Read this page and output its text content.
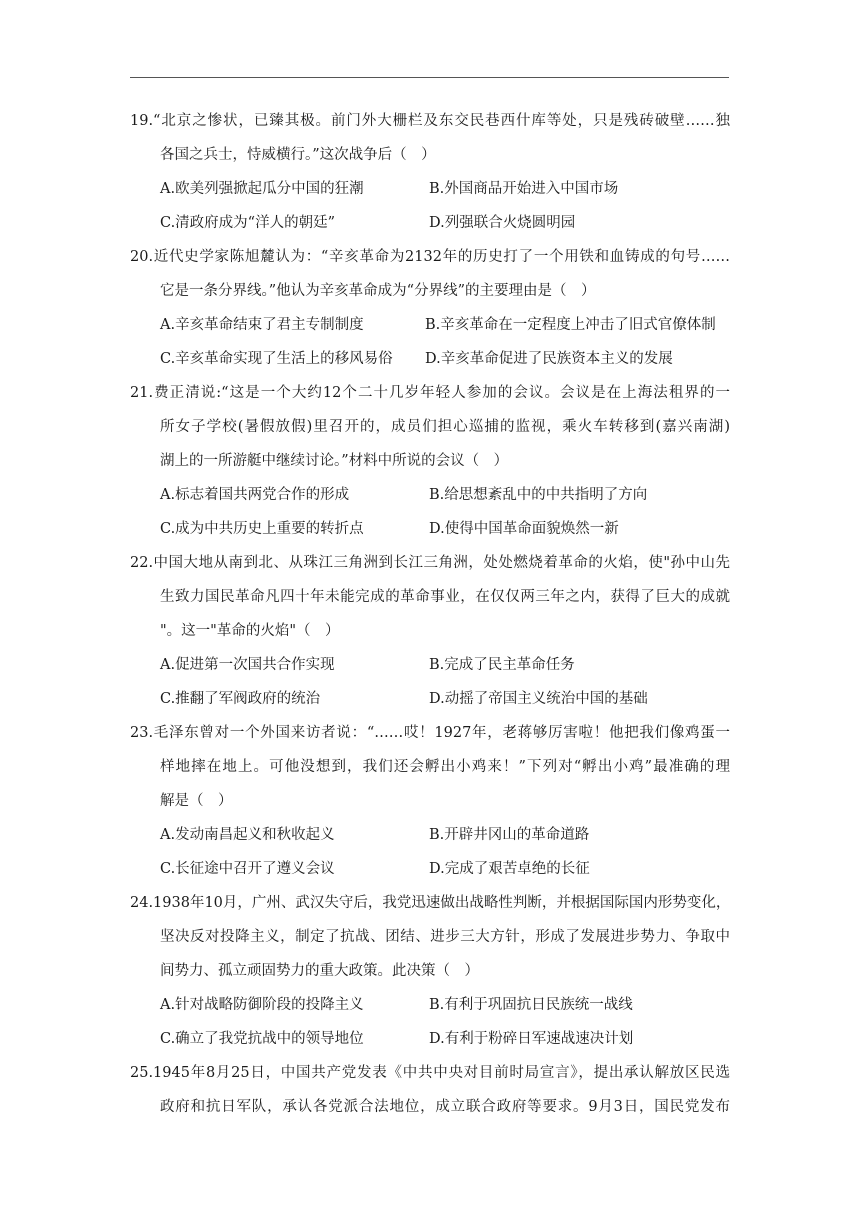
19.“北京之惨状，已臻其极。前门外大栅栏及东交民巷西什库等处，只是残砖破壁……独
各国之兵士，恃威横行。”这次战争后（　）
A.欧美列强掀起瓜分中国的狂潮	B.外国商品开始进入中国市场
C.清政府成为“洋人的朝廷”	D.列强联合火烧圆明园
20.近代史学家陈旭麓认为：“辛亥革命为2132年的历史打了一个用铁和血铸成的句号……
它是一条分界线。”他认为辛亥革命成为“分界线”的主要理由是（　）
A.辛亥革命结束了君主专制制度	B.辛亥革命在一定程度上冲击了旧式官僚体制
C.辛亥革命实现了生活上的移风易俗 D.辛亥革命促进了民族资本主义的发展
21.费正清说:“这是一个大约12个二十几岁年轻人参加的会议。会议是在上海法租界的一
所女子学校(暑假放假)里召开的，成员们担心巡捕的监视，乘火车转移到(嘉兴南湖)
湖上的一所游艇中继续讨论。”材料中所说的会议（　）
A.标志着国共两党合作的形成	B.给思想紊乱中的中共指明了方向
C.成为中共历史上重要的转折点	D.使得中国革命面貌焕然一新
22.中国大地从南到北、从珠江三角洲到长江三角洲，处处燃烧着革命的火焰，使"孙中山先
生致力国民革命凡四十年未能完成的革命事业，在仅仅两三年之内，获得了巨大的成就
"。这一"革命的火焰"（　）
A.促进第一次国共合作实现	B.完成了民主革命任务
C.推翻了军阀政府的统治	D.动摇了帝国主义统治中国的基础
23.毛泽东曾对一个外国来访者说：“……哎！1927年，老蒋够厉害啦！他把我们像鸡蛋一
样地摔在地上。可他没想到，我们还会孵出小鸡来！”下列对“孵出小鸡”最准确的理
解是（　）
A.发动南昌起义和秋收起义	B.开辟井冈山的革命道路
C.长征途中召开了遵义会议	D.完成了艰苦卓绝的长征
24.1938年10月，广州、武汉失守后，我党迅速做出战略性判断，并根据国际国内形势变化，
坚决反对投降主义，制定了抗战、团结、进步三大方针，形成了发展进步势力、争取中
间势力、孤立顽固势力的重大政策。此决策（　）
A.针对战略防御阶段的投降主义	B.有利于巩固抗日民族统一战线
C.确立了我党抗战中的领导地位	D.有利于粉碎日军速战速决计划
25.1945年8月25日，中国共产党发表《中共中央对目前时局宣言》，提出承认解放区民选
政府和抗日军队，承认各党派合法地位，成立联合政府等要求。9月3日，国民党发布
